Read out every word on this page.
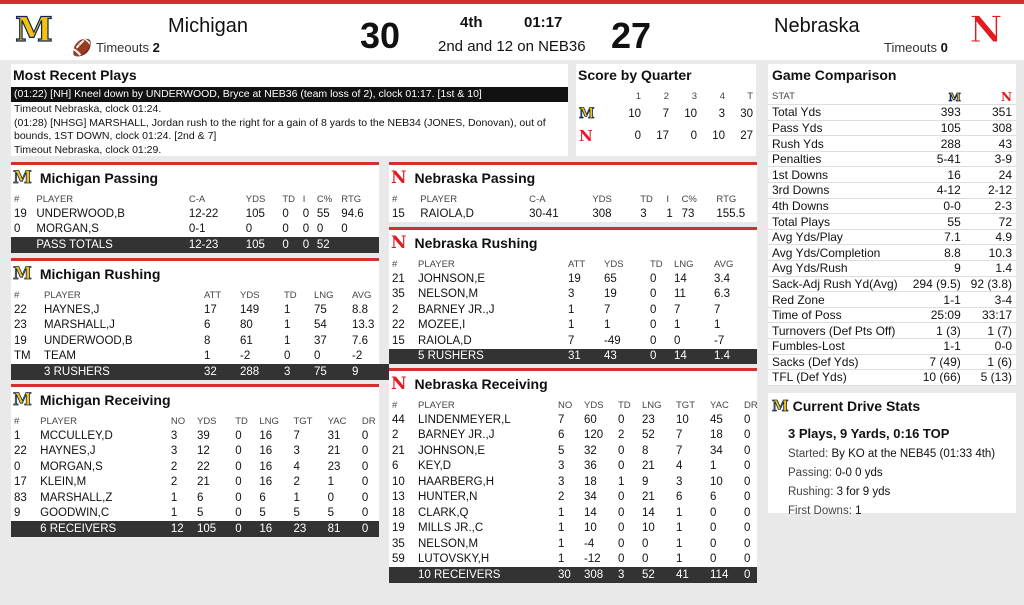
M	Michigan
🏈 Timeouts 2	30	4th	01:17
2nd and 12 on NEB36 27	Nebraska
Timeouts 0 N
Most Recent Plays
(01:22) [NH] Kneel down by UNDERWOOD, Bryce at NEB36 (team loss of 2), clock 01:17. [1st & 10]
Timeout Nebraska, clock 01:24.
(01:28) [NHSG] MARSHALL, Jordan rush to the right for a gain of 8 yards to the NEB34 (JONES, Donovan), out of bounds, 1ST DOWN, clock 01:24. [2nd & 7]
Timeout Nebraska, clock 01:29.
Score by Quarter
	1	2	3	4	T
M	10	7	10	3	30
N	0	17	0	10	27
Game Comparison
STAT	M	N
Total Yds	393	351
Pass Yds	105	308
Rush Yds	288	43
Penalties	5-41	3-9
1st Downs	16	24
3rd Downs	4-12	2-12
4th Downs	0-0	2-3
Total Plays	55	72
Avg Yds/Play	7.1	4.9
Avg Yds/Completion	8.8	10.3
Avg Yds/Rush	9	1.4
Sack-Adj Rush Yd(Avg)	294 (9.5)	92 (3.8)
Red Zone	1-1	3-4
Time of Poss	25:09	33:17
Turnovers (Def Pts Off)	1 (3)	1 (7)
Fumbles-Lost	1-1	0-0
Sacks (Def Yds)	7 (49)	1 (6)
TFL (Def Yds)	10 (66)	5 (13)
M Current Drive Stats
3 Plays, 9 Yards, 0:16 TOP
Started: By KO at the NEB45 (01:33 4th)
Passing: 0-0 0 yds
Rushing: 3 for 9 yds
First Downs: 1
M Michigan Passing
#	PLAYER	C-A	YDS	TD	I	C%	RTG
19	UNDERWOOD,B	12-22	105	0	0	55	94.6
0	MORGAN,S	0-1	0	0	0	0	0
	PASS TOTALS	12-23	105	0	0	52	
M Michigan Rushing
#	PLAYER	ATT	YDS	TD	LNG	AVG
22	HAYNES,J	17	149	1	75	8.8
23	MARSHALL,J	6	80	1	54	13.3
19	UNDERWOOD,B	8	61	1	37	7.6
TM	TEAM	1	-2	0	0	-2
	3 RUSHERS	32	288	3	75	9
M Michigan Receiving
#	PLAYER	NO	YDS	TD	LNG	TGT	YAC	DR
1	MCCULLEY,D	3	39	0	16	7	31	0
22	HAYNES,J	3	12	0	16	3	21	0
0	MORGAN,S	2	22	0	16	4	23	0
17	KLEIN,M	2	21	0	16	2	1	0
83	MARSHALL,Z	1	6	0	6	1	0	0
9	GOODWIN,C	1	5	0	5	5	5	0
	6 RECEIVERS	12	105	0	16	23	81	0
N Nebraska Passing
#	PLAYER	C-A	YDS	TD	I	C%	RTG
15	RAIOLA,D	30-41	308	3	1	73	155.5
N Nebraska Rushing
#	PLAYER	ATT	YDS	TD	LNG	AVG
21	JOHNSON,E	19	65	0	14	3.4
35	NELSON,M	3	19	0	11	6.3
2	BARNEY JR.,J	1	7	0	7	7
22	MOZEE,I	1	1	0	1	1
15	RAIOLA,D	7	-49	0	0	-7
	5 RUSHERS	31	43	0	14	1.4
N Nebraska Receiving
#	PLAYER	NO	YDS	TD	LNG	TGT	YAC	DR
44	LINDENMEYER,L	7	60	0	23	10	45	0
2	BARNEY JR.,J	6	120	2	52	7	18	0
21	JOHNSON,E	5	32	0	8	7	34	0
6	KEY,D	3	36	0	21	4	1	0
10	HAARBERG,H	3	18	1	9	3	10	0
13	HUNTER,N	2	34	0	21	6	6	0
18	CLARK,Q	1	14	0	14	1	0	0
19	MILLS JR.,C	1	10	0	10	1	0	0
35	NELSON,M	1	-4	0	0	1	0	0
59	LUTOVSKY,H	1	-12	0	0	1	0	0
	10 RECEIVERS	30	308	3	52	41	114	0
